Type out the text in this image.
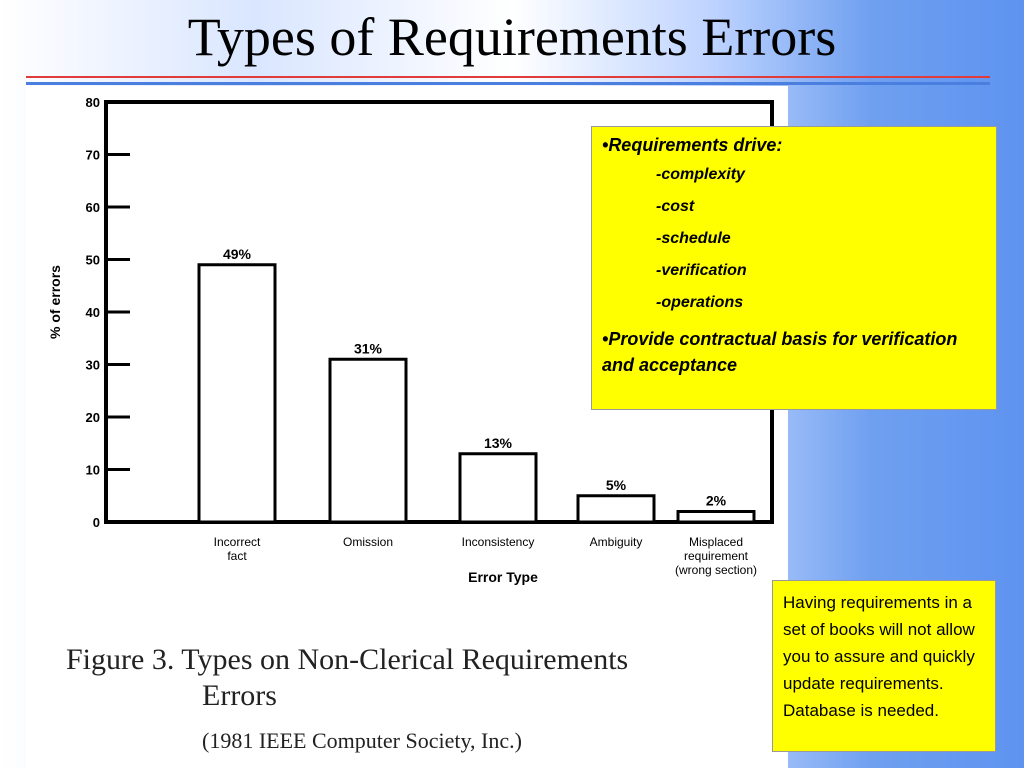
Types of Requirements Errors
0
10
20
30
40
50
60
70
80
% of errors
49%
Incorrect fact
31%
Omission
13%
Inconsistency
5%
Ambiguity
2%
Misplaced requirement (wrong section)
Error Type
Figure 3. Types on Non-Clerical Requirements
Errors
(1981 IEEE Computer Society, Inc.)
•Requirements drive:
-complexity
-cost
-schedule
-verification
-operations
•Provide contractual basis for verification and acceptance
Having requirements in a set of books will not allow you to assure and quickly update requirements. Database is needed.
